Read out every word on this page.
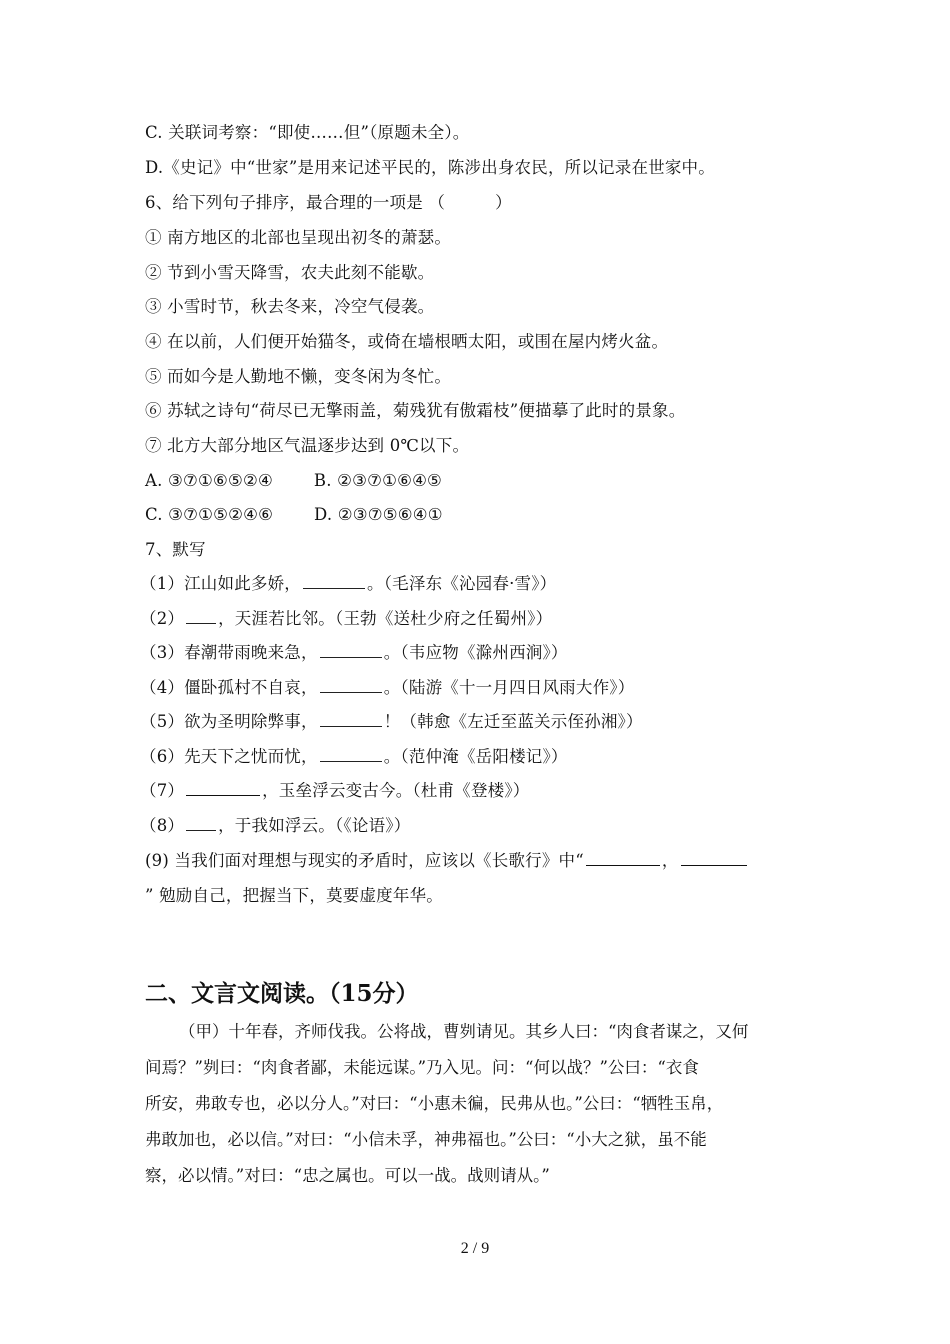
C. 关联词考察：“即使……但”（原题未全）。
D.《史记》中“世家”是用来记述平民的，陈涉出身农民，所以记录在世家中。
6、给下列句子排序，最合理的一项是 （　　　）
① 南方地区的北部也呈现出初冬的萧瑟。
② 节到小雪天降雪，农夫此刻不能歇。
③ 小雪时节，秋去冬来，冷空气侵袭。
④ 在以前，人们便开始猫冬，或倚在墙根晒太阳，或围在屋内烤火盆。
⑤ 而如今是人勤地不懒，变冬闲为冬忙。
⑥ 苏轼之诗句“荷尽已无擎雨盖，菊残犹有傲霜枝”便描摹了此时的景象。
⑦ 北方大部分地区气温逐步达到 0℃以下。
A. ③⑦①⑥⑤②④ B. ②③⑦①⑥④⑤
C. ③⑦①⑤②④⑥ D. ②③⑦⑤⑥④①
7、默写
（1）江山如此多娇，	。（毛泽东《沁园春·雪》）
（2） ，天涯若比邻。（王勃《送杜少府之任蜀州》）
（3）春潮带雨晚来急，	。（韦应物《滁州西涧》）
（4）僵卧孤村不自哀，	。（陆游《十一月四日风雨大作》）
（5）欲为圣明除弊事，	！（韩愈《左迁至蓝关示侄孙湘》）
（6）先天下之忧而忧，	。（范仲淹《岳阳楼记》）
（7）	，玉垒浮云变古今。（杜甫《登楼》）
（8） ，于我如浮云。（《论语》）
(9) 当我们面对理想与现实的矛盾时，应该以《长歌行》中“	，
” 勉励自己，把握当下，莫要虚度年华。
二、文言文阅读。（15分）
（甲）十年春，齐师伐我。公将战，曹刿请见。其乡人曰：“肉食者谋之，又何
间焉？”刿曰：“肉食者鄙，未能远谋。”乃入见。问：“何以战？”公曰：“衣食
所安，弗敢专也，必以分人。”对曰：“小惠未徧，民弗从也。”公曰：“牺牲玉帛，
弗敢加也，必以信。”对曰：“小信未孚，神弗福也。”公曰：“小大之狱，虽不能
察，必以情。”对曰：“忠之属也。可以一战。战则请从。”
2 / 9
